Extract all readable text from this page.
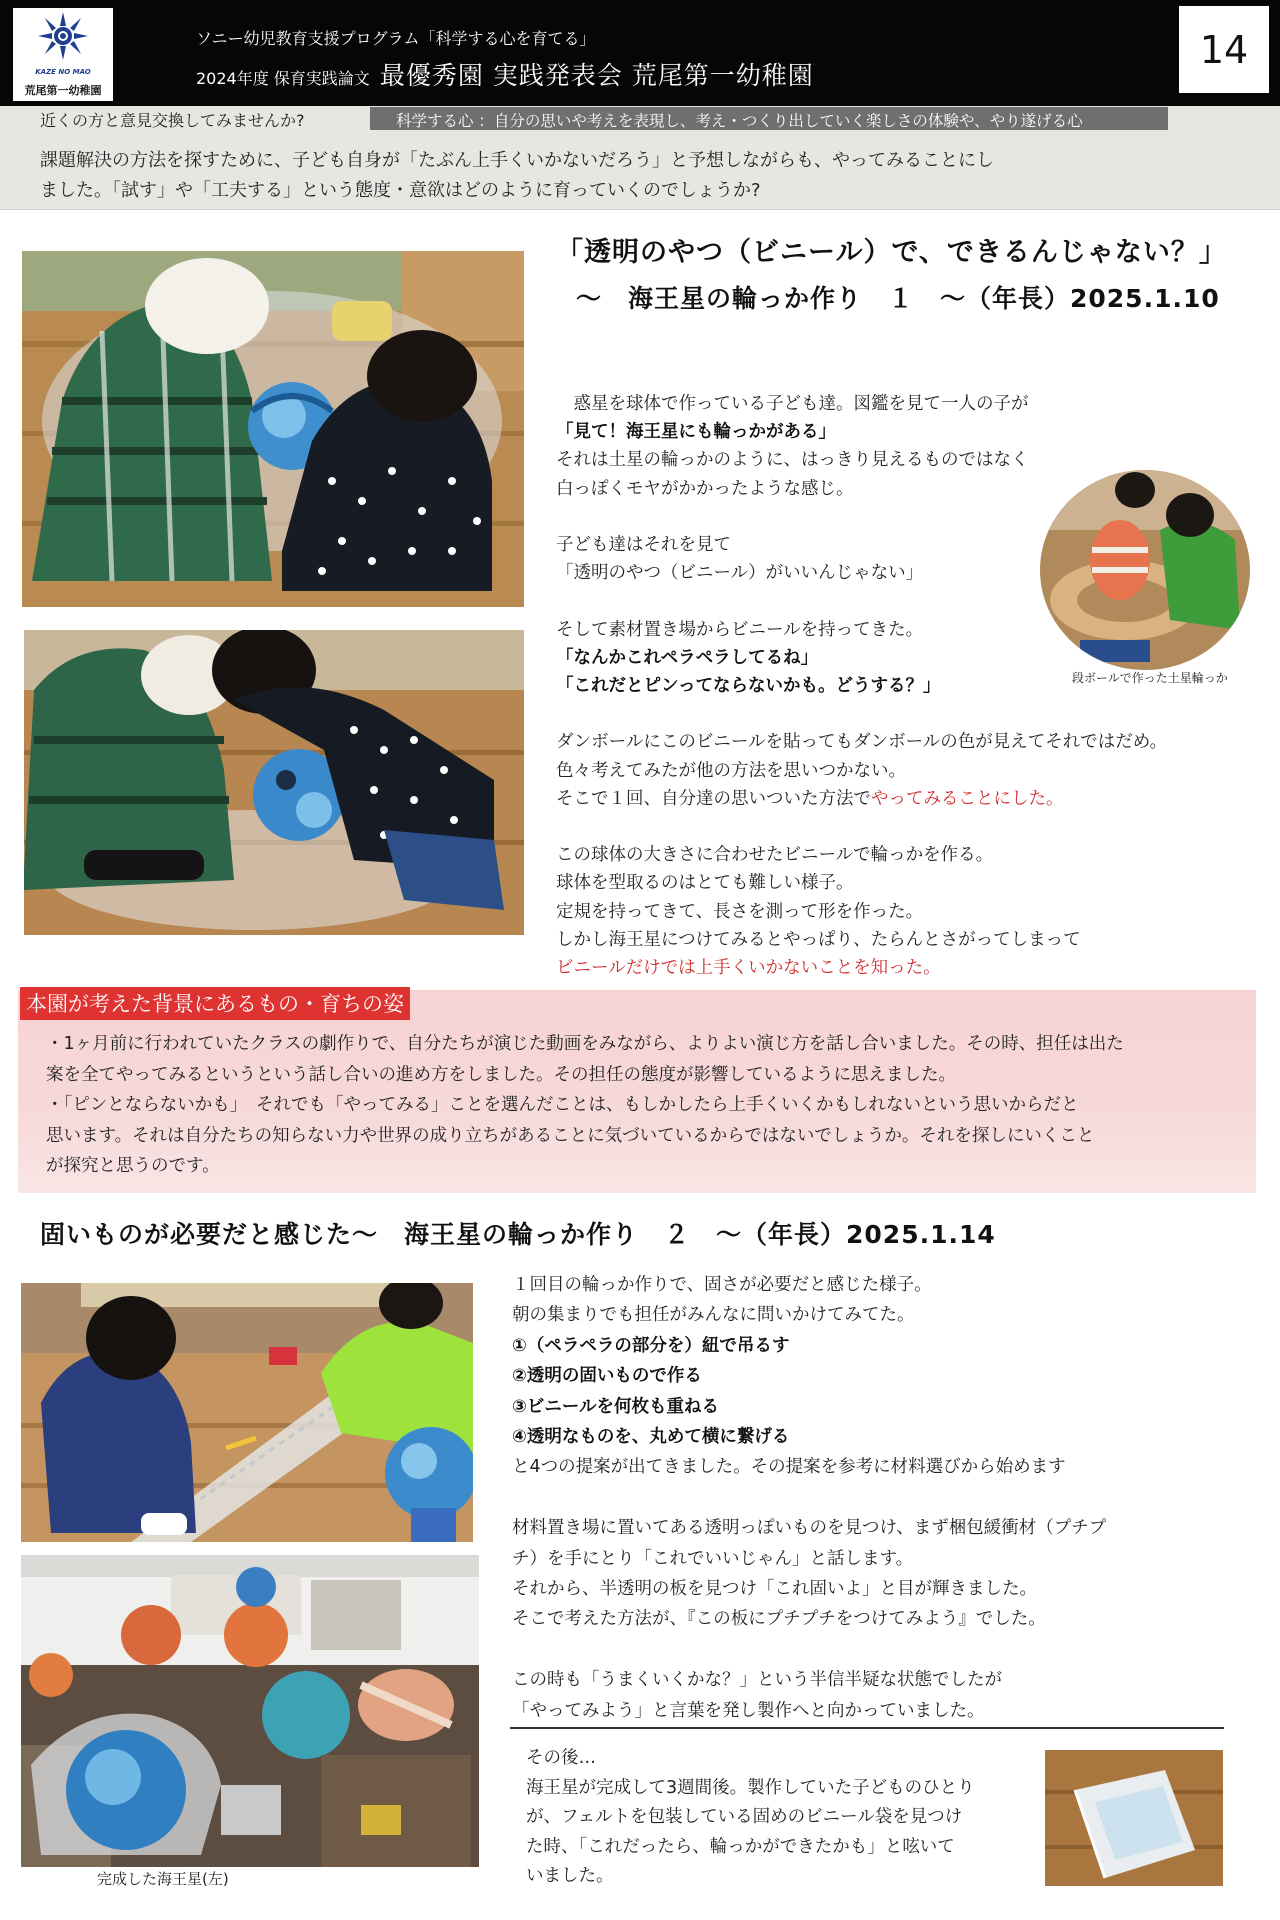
KAZE NO MAO
荒尾第一幼稚園
ソニー幼児教育支援プログラム「科学する心を育てる」
2024年度 保育実践論文 最優秀園 実践発表会 荒尾第一幼稚園
14
近くの方と意見交換してみませんか?	科学する心 ：自分の思いや考えを表現し、考え・つくり出していく楽しさの体験や、やり遂げる心
課題解決の方法を探すために、子ども自身が「たぶん上手くいかないだろう」と予想しながらも、やってみることにし
ました。「試す」や「工夫する」という態度・意欲はどのように育っていくのでしょうか?
段ボールで作った土星輪っか
「透明のやつ（ビニール）で、できるんじゃない？」
〜　海王星の輪っか作り　１　〜（年長）2025.1.10
　惑星を球体で作っている子ども達。図鑑を見て一人の子が
「見て！海王星にも輪っかがある」
それは土星の輪っかのように、はっきり見えるものではなく
白っぽくモヤがかかったような感じ。
子ども達はそれを見て
「透明のやつ（ビニール）がいいんじゃない」
そして素材置き場からビニールを持ってきた。
「なんかこれペラペラしてるね」
「これだとピンってならないかも。どうする？」
ダンボールにこのビニールを貼ってもダンボールの色が見えてそれではだめ。
色々考えてみたが他の方法を思いつかない。
そこで１回、自分達の思いついた方法でやってみることにした。
この球体の大きさに合わせたビニールで輪っかを作る。
球体を型取るのはとても難しい様子。
定規を持ってきて、長さを測って形を作った。
しかし海王星につけてみるとやっぱり、たらんとさがってしまって
ビニールだけでは上手くいかないことを知った。
本園が考えた背景にあるもの・育ちの姿
・1ヶ月前に行われていたクラスの劇作りで、自分たちが演じた動画をみながら、よりよい演じ方を話し合いました。その時、担任は出た
案を全てやってみるというという話し合いの進め方をしました。その担任の態度が影響しているように思えました。
・「ピンとならないかも」　それでも「やってみる」ことを選んだことは、もしかしたら上手くいくかもしれないという思いからだと
思います。それは自分たちの知らない力や世界の成り立ちがあることに気づいているからではないでしょうか。それを探しにいくこと
が探究と思うのです。
固いものが必要だと感じた〜　海王星の輪っか作り　２　〜（年長）2025.1.14
完成した海王星(左)
１回目の輪っか作りで、固さが必要だと感じた様子。
朝の集まりでも担任がみんなに問いかけてみてた。
①（ペラペラの部分を）紐で吊るす
②透明の固いもので作る
③ビニールを何枚も重ねる
④透明なものを、丸めて横に繋げる
と4つの提案が出てきました。その提案を参考に材料選びから始めます
材料置き場に置いてある透明っぽいものを見つけ、まず梱包緩衝材（プチプ
チ）を手にとり「これでいいじゃん」と話します。
それから、半透明の板を見つけ「これ固いよ」と目が輝きました。
そこで考えた方法が、『この板にプチプチをつけてみよう』でした。
この時も「うまくいくかな？」という半信半疑な状態でしたが
「やってみよう」と言葉を発し製作へと向かっていました。
その後…
海王星が完成して3週間後。製作していた子どものひとり
が、フェルトを包装している固めのビニール袋を見つけ
た時、「これだったら、輪っかができたかも」と呟いて
いました。
